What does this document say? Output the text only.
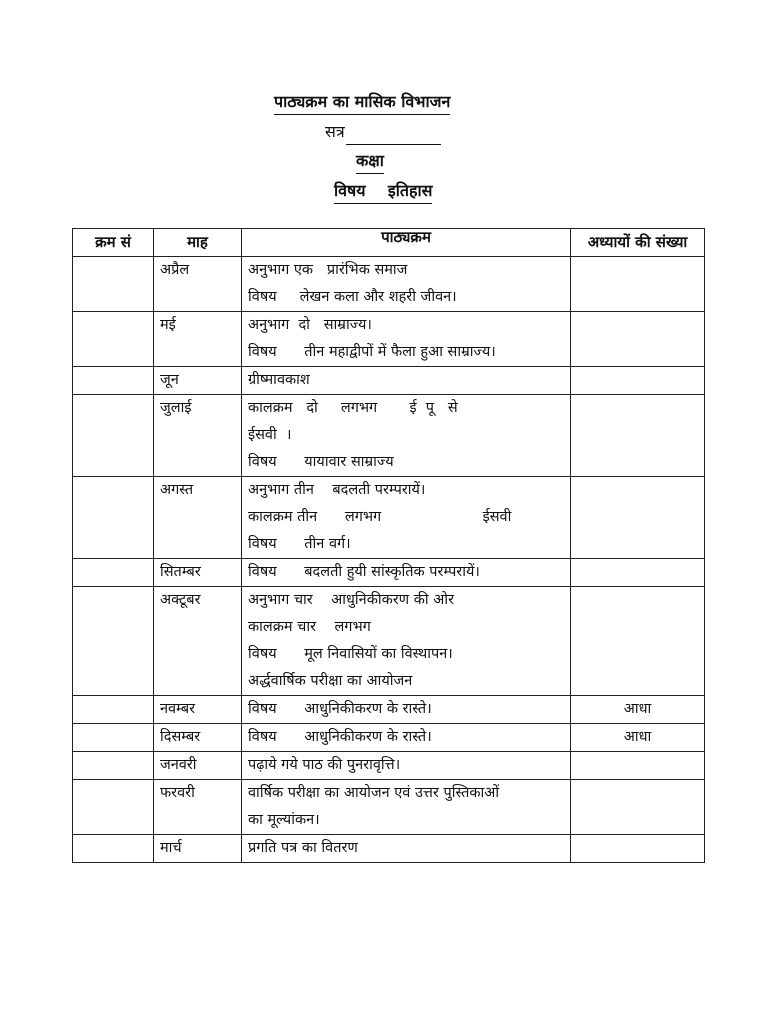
पाठ्यक्रम का मासिक विभाजन
सत्र
कक्षा
विषय    इतिहास
क्रम सं	माह	पाठ्यक्रम	अध्यायों की संख्या
	अप्रैल	अनुभाग एक   प्रारंभिक समाज
विषय     लेखन कला और शहरी जीवन।	

	मई	अनुभाग  दो   साम्राज्य।
विषय      तीन महाद्वीपों में फैला हुआ साम्राज्य।	

	जून	ग्रीष्मावकाश	

	जुलाई	कालक्रम   दो     लगभग       ई  पू   से
ईसवी  ।
विषय      यायावार साम्राज्य	

	अगस्त	अनुभाग तीन    बदलती परम्परायें।
कालक्रम तीन      लगभग                      ईसवी
विषय      तीन वर्ग।	

	सितम्बर	विषय      बदलती हुयी सांस्कृतिक परम्परायें।	

	अक्टूबर	अनुभाग चार    आधुनिकीकरण की ओर
कालक्रम चार    लगभग
विषय      मूल निवासियों का विस्थापन।
अर्द्धवार्षिक परीक्षा का आयोजन	

	नवम्बर	विषय      आधुनिकीकरण के रास्ते।	आधा
	दिसम्बर	विषय      आधुनिकीकरण के रास्ते।	आधा
	जनवरी	पढ़ाये गये पाठ की पुनरावृत्ति।	

	फरवरी	वार्षिक परीक्षा का आयोजन एवं उत्तर पुस्तिकाओं
का मूल्यांकन।	

	मार्च	प्रगति पत्र का वितरण	
